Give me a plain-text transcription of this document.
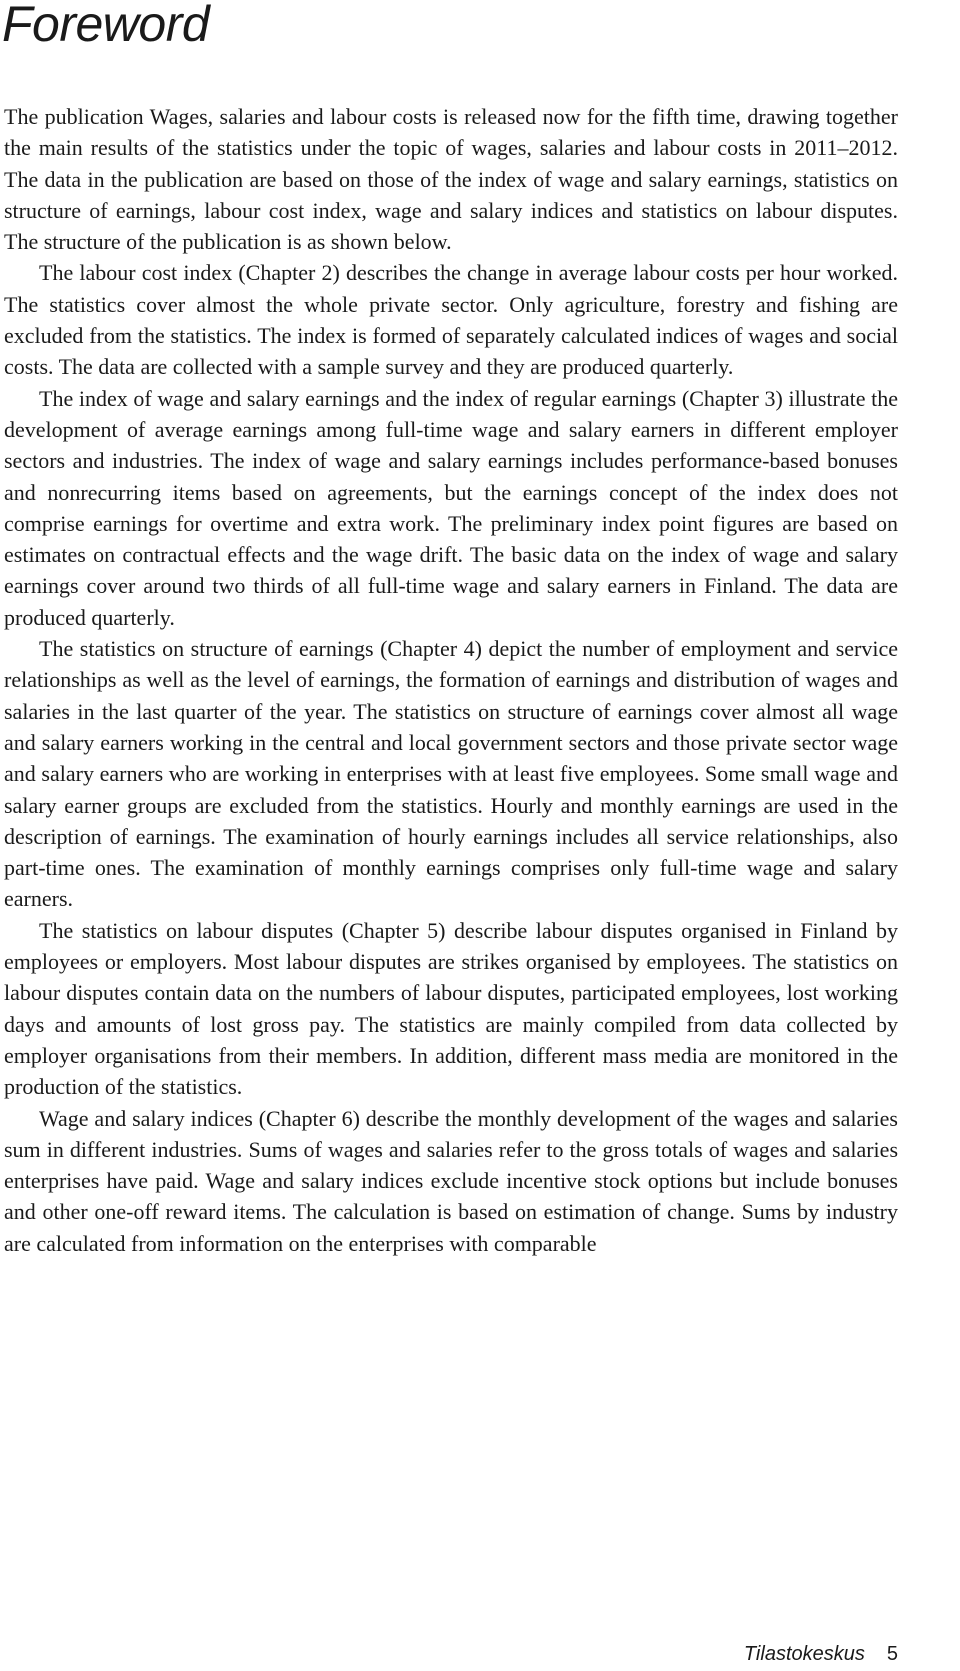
Foreword

The publication Wages, salaries and labour costs is released now for the fifth time, drawing together the main results of the statistics under the topic of wages, salaries and labour costs in 2011–2012. The data in the publication are based on those of the index of wage and salary earnings, statistics on structure of earnings, labour cost index, wage and salary indices and statistics on labour disputes. The structure of the publication is as shown below.

The labour cost index (Chapter 2) describes the change in average labour costs per hour worked. The statistics cover almost the whole private sector. Only agriculture, forestry and fishing are excluded from the statistics. The index is formed of separately calculated indices of wages and social costs. The data are collected with a sample survey and they are produced quarterly.

The index of wage and salary earnings and the index of regular earnings (Chapter 3) illustrate the development of average earnings among full-time wage and salary earners in different employer sectors and industries. The index of wage and salary earnings includes performance-based bonuses and nonrecurring items based on agreements, but the earnings concept of the index does not comprise earnings for overtime and extra work. The preliminary index point figures are based on estimates on contractual effects and the wage drift. The basic data on the index of wage and salary earnings cover around two thirds of all full-time wage and salary earners in Finland. The data are produced quarterly.

The statistics on structure of earnings (Chapter 4) depict the number of employment and service relationships as well as the level of earnings, the formation of earnings and distribution of wages and salaries in the last quarter of the year. The statistics on structure of earnings cover almost all wage and salary earners working in the central and local government sectors and those private sector wage and salary earners who are working in enterprises with at least five employees. Some small wage and salary earner groups are excluded from the statistics. Hourly and monthly earnings are used in the description of earnings. The examination of hourly earnings includes all service relationships, also part-time ones. The examination of monthly earnings comprises only full-time wage and salary earners.

The statistics on labour disputes (Chapter 5) describe labour disputes organised in Finland by employees or employers. Most labour disputes are strikes organised by employees. The statistics on labour disputes contain data on the numbers of labour disputes, participated employees, lost working days and amounts of lost gross pay. The statistics are mainly compiled from data collected by employer organisations from their members. In addition, different mass media are monitored in the production of the statistics.

Wage and salary indices (Chapter 6) describe the monthly development of the wages and salaries sum in different industries. Sums of wages and salaries refer to the gross totals of wages and salaries enterprises have paid. Wage and salary indices exclude incentive stock options but include bonuses and other one-off reward items. The calculation is based on estimation of change. Sums by industry are calculated from information on the enterprises with comparable

Tilastokeskus 5
